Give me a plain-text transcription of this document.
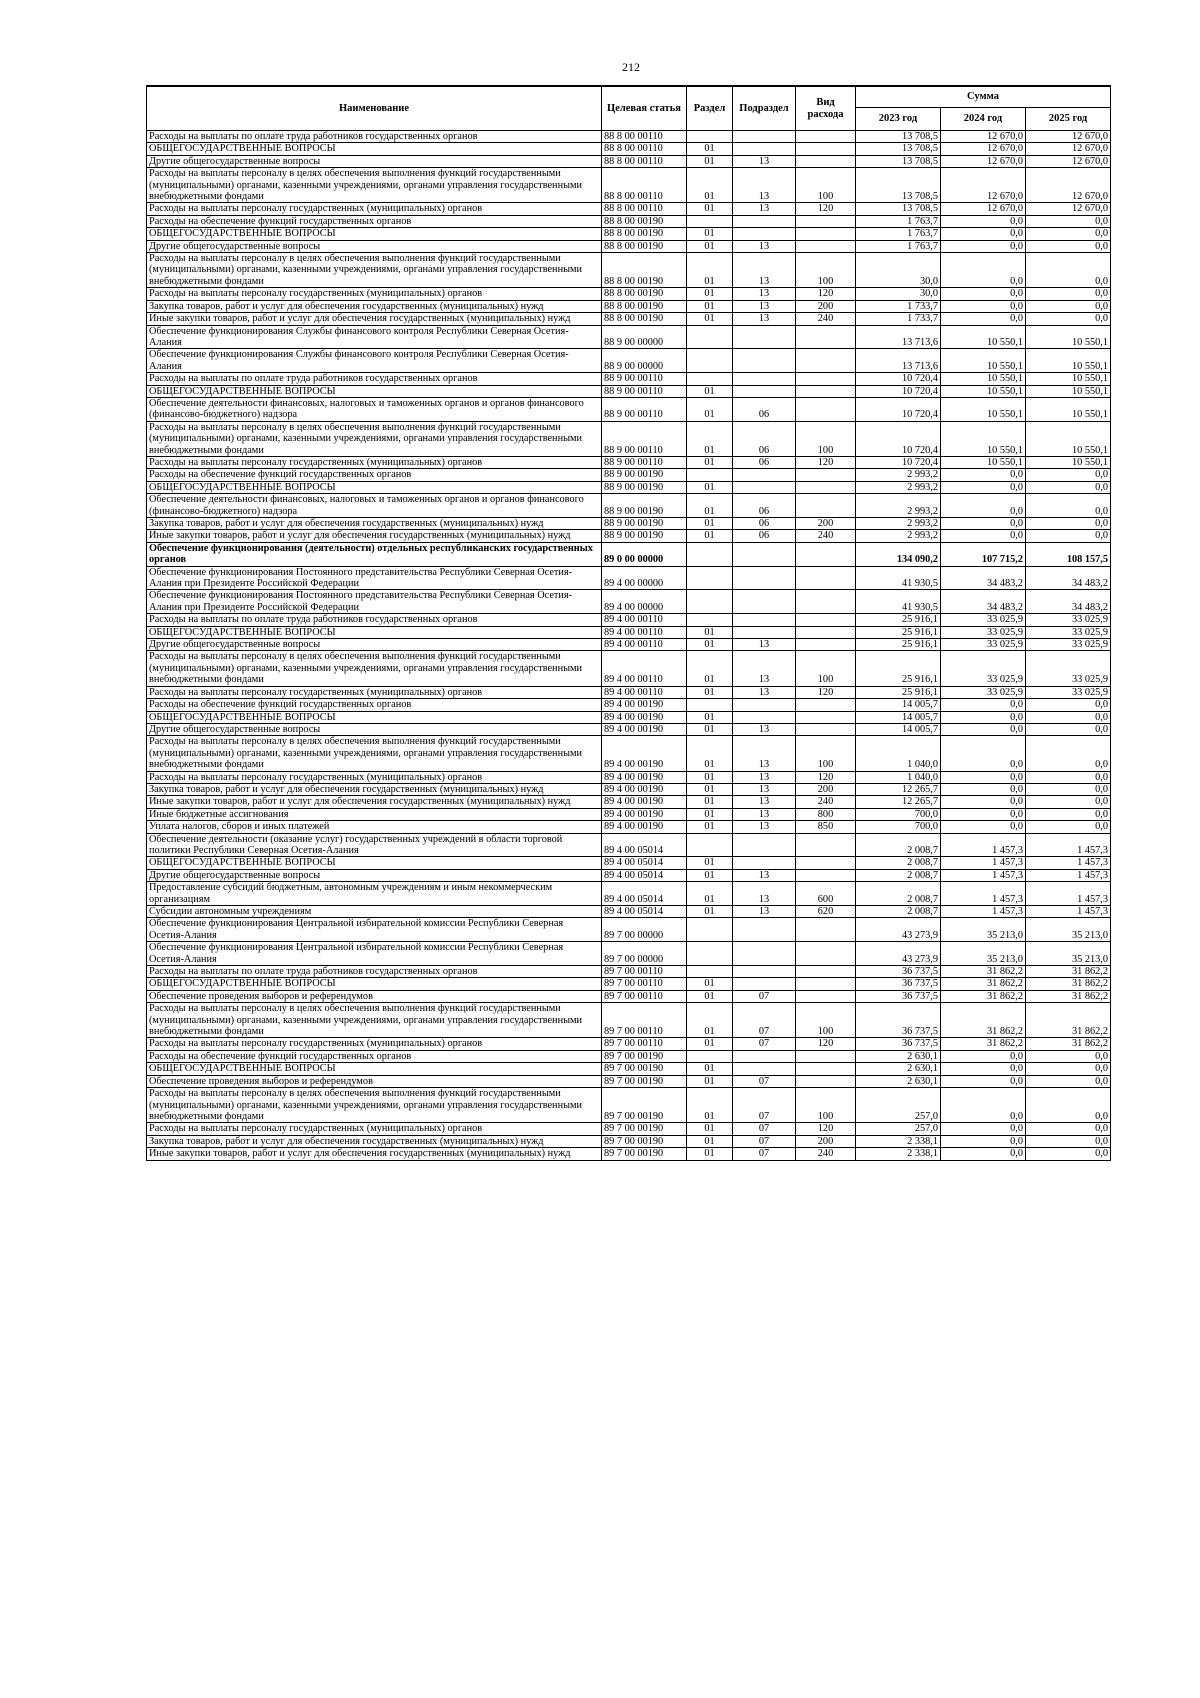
212
Наименование	Целевая статья	Раздел	Подраздел	Вид расхода	Сумма		
					2023 год	2024 год	2025 год
Расходы на выплаты по оплате труда работников государственных органов	88 8 00 00110				13 708,5	12 670,0	12 670,0
ОБЩЕГОСУДАРСТВЕННЫЕ ВОПРОСЫ	88 8 00 00110	01			13 708,5	12 670,0	12 670,0
Другие общегосударственные вопросы	88 8 00 00110	01	13		13 708,5	12 670,0	12 670,0
Расходы на выплаты персоналу в целях обеспечения выполнения функций государственными (муниципальными) органами, казенными учреждениями, органами управления государственными внебюджетными фондами	88 8 00 00110	01	13	100	13 708,5	12 670,0	12 670,0
Расходы на выплаты персоналу государственных (муниципальных) органов	88 8 00 00110	01	13	120	13 708,5	12 670,0	12 670,0
Расходы на обеспечение функций государственных органов	88 8 00 00190				1 763,7	0,0	0,0
ОБЩЕГОСУДАРСТВЕННЫЕ ВОПРОСЫ	88 8 00 00190	01			1 763,7	0,0	0,0
Другие общегосударственные вопросы	88 8 00 00190	01	13		1 763,7	0,0	0,0
Расходы на выплаты персоналу в целях обеспечения выполнения функций государственными (муниципальными) органами, казенными учреждениями, органами управления государственными внебюджетными фондами	88 8 00 00190	01	13	100	30,0	0,0	0,0
Расходы на выплаты персоналу государственных (муниципальных) органов	88 8 00 00190	01	13	120	30,0	0,0	0,0
Закупка товаров, работ и услуг для обеспечения государственных (муниципальных) нужд	88 8 00 00190	01	13	200	1 733,7	0,0	0,0
Иные закупки товаров, работ и услуг для обеспечения государственных (муниципальных) нужд	88 8 00 00190	01	13	240	1 733,7	0,0	0,0
Обеспечение функционирования Службы финансового контроля Республики Северная Осетия-Алания	88 9 00 00000				13 713,6	10 550,1	10 550,1
Обеспечение функционирования Службы финансового контроля Республики Северная Осетия-Алания	88 9 00 00000				13 713,6	10 550,1	10 550,1
Расходы на выплаты по оплате труда работников государственных органов	88 9 00 00110				10 720,4	10 550,1	10 550,1
ОБЩЕГОСУДАРСТВЕННЫЕ ВОПРОСЫ	88 9 00 00110	01			10 720,4	10 550,1	10 550,1
Обеспечение деятельности финансовых, налоговых и таможенных органов и органов финансового (финансово-бюджетного) надзора	88 9 00 00110	01	06		10 720,4	10 550,1	10 550,1
Расходы на выплаты персоналу в целях обеспечения выполнения функций государственными (муниципальными) органами, казенными учреждениями, органами управления государственными внебюджетными фондами	88 9 00 00110	01	06	100	10 720,4	10 550,1	10 550,1
Расходы на выплаты персоналу государственных (муниципальных) органов	88 9 00 00110	01	06	120	10 720,4	10 550,1	10 550,1
Расходы на обеспечение функций государственных органов	88 9 00 00190				2 993,2	0,0	0,0
ОБЩЕГОСУДАРСТВЕННЫЕ ВОПРОСЫ	88 9 00 00190	01			2 993,2	0,0	0,0
Обеспечение деятельности финансовых, налоговых и таможенных органов и органов финансового (финансово-бюджетного) надзора	88 9 00 00190	01	06		2 993,2	0,0	0,0
Закупка товаров, работ и услуг для обеспечения государственных (муниципальных) нужд	88 9 00 00190	01	06	200	2 993,2	0,0	0,0
Иные закупки товаров, работ и услуг для обеспечения государственных (муниципальных) нужд	88 9 00 00190	01	06	240	2 993,2	0,0	0,0
Обеспечение функционирования (деятельности) отдельных республиканских государственных органов	89 0 00 00000				134 090,2	107 715,2	108 157,5
Обеспечение функционирования Постоянного представительства Республики Северная Осетия-Алания при Президенте Российской Федерации	89 4 00 00000				41 930,5	34 483,2	34 483,2
Обеспечение функционирования Постоянного представительства Республики Северная Осетия-Алания при Президенте Российской Федерации	89 4 00 00000				41 930,5	34 483,2	34 483,2
Расходы на выплаты по оплате труда работников государственных органов	89 4 00 00110				25 916,1	33 025,9	33 025,9
ОБЩЕГОСУДАРСТВЕННЫЕ ВОПРОСЫ	89 4 00 00110	01			25 916,1	33 025,9	33 025,9
Другие общегосударственные вопросы	89 4 00 00110	01	13		25 916,1	33 025,9	33 025,9
Расходы на выплаты персоналу в целях обеспечения выполнения функций государственными (муниципальными) органами, казенными учреждениями, органами управления государственными внебюджетными фондами	89 4 00 00110	01	13	100	25 916,1	33 025,9	33 025,9
Расходы на выплаты персоналу государственных (муниципальных) органов	89 4 00 00110	01	13	120	25 916,1	33 025,9	33 025,9
Расходы на обеспечение функций государственных органов	89 4 00 00190				14 005,7	0,0	0,0
ОБЩЕГОСУДАРСТВЕННЫЕ ВОПРОСЫ	89 4 00 00190	01			14 005,7	0,0	0,0
Другие общегосударственные вопросы	89 4 00 00190	01	13		14 005,7	0,0	0,0
Расходы на выплаты персоналу в целях обеспечения выполнения функций государственными (муниципальными) органами, казенными учреждениями, органами управления государственными внебюджетными фондами	89 4 00 00190	01	13	100	1 040,0	0,0	0,0
Расходы на выплаты персоналу государственных (муниципальных) органов	89 4 00 00190	01	13	120	1 040,0	0,0	0,0
Закупка товаров, работ и услуг для обеспечения государственных (муниципальных) нужд	89 4 00 00190	01	13	200	12 265,7	0,0	0,0
Иные закупки товаров, работ и услуг для обеспечения государственных (муниципальных) нужд	89 4 00 00190	01	13	240	12 265,7	0,0	0,0
Иные бюджетные ассигнования	89 4 00 00190	01	13	800	700,0	0,0	0,0
Уплата налогов, сборов и иных платежей	89 4 00 00190	01	13	850	700,0	0,0	0,0
Обеспечение деятельности (оказание услуг) государственных учреждений в области торговой политики Республики Северная Осетия-Алания	89 4 00 05014				2 008,7	1 457,3	1 457,3
ОБЩЕГОСУДАРСТВЕННЫЕ ВОПРОСЫ	89 4 00 05014	01			2 008,7	1 457,3	1 457,3
Другие общегосударственные вопросы	89 4 00 05014	01	13		2 008,7	1 457,3	1 457,3
Предоставление субсидий бюджетным, автономным учреждениям и иным некоммерческим организациям	89 4 00 05014	01	13	600	2 008,7	1 457,3	1 457,3
Субсидии автономным учреждениям	89 4 00 05014	01	13	620	2 008,7	1 457,3	1 457,3
Обеспечение функционирования Центральной избирательной комиссии Республики Северная Осетия-Алания	89 7 00 00000				43 273,9	35 213,0	35 213,0
Обеспечение функционирования Центральной избирательной комиссии Республики Северная Осетия-Алания	89 7 00 00000				43 273,9	35 213,0	35 213,0
Расходы на выплаты по оплате труда работников государственных органов	89 7 00 00110				36 737,5	31 862,2	31 862,2
ОБЩЕГОСУДАРСТВЕННЫЕ ВОПРОСЫ	89 7 00 00110	01			36 737,5	31 862,2	31 862,2
Обеспечение проведения выборов и референдумов	89 7 00 00110	01	07		36 737,5	31 862,2	31 862,2
Расходы на выплаты персоналу в целях обеспечения выполнения функций государственными (муниципальными) органами, казенными учреждениями, органами управления государственными внебюджетными фондами	89 7 00 00110	01	07	100	36 737,5	31 862,2	31 862,2
Расходы на выплаты персоналу государственных (муниципальных) органов	89 7 00 00110	01	07	120	36 737,5	31 862,2	31 862,2
Расходы на обеспечение функций государственных органов	89 7 00 00190				2 630,1	0,0	0,0
ОБЩЕГОСУДАРСТВЕННЫЕ ВОПРОСЫ	89 7 00 00190	01			2 630,1	0,0	0,0
Обеспечение проведения выборов и референдумов	89 7 00 00190	01	07		2 630,1	0,0	0,0
Расходы на выплаты персоналу в целях обеспечения выполнения функций государственными (муниципальными) органами, казенными учреждениями, органами управления государственными внебюджетными фондами	89 7 00 00190	01	07	100	257,0	0,0	0,0
Расходы на выплаты персоналу государственных (муниципальных) органов	89 7 00 00190	01	07	120	257,0	0,0	0,0
Закупка товаров, работ и услуг для обеспечения государственных (муниципальных) нужд	89 7 00 00190	01	07	200	2 338,1	0,0	0,0
Иные закупки товаров, работ и услуг для обеспечения государственных (муниципальных) нужд	89 7 00 00190	01	07	240	2 338,1	0,0	0,0
